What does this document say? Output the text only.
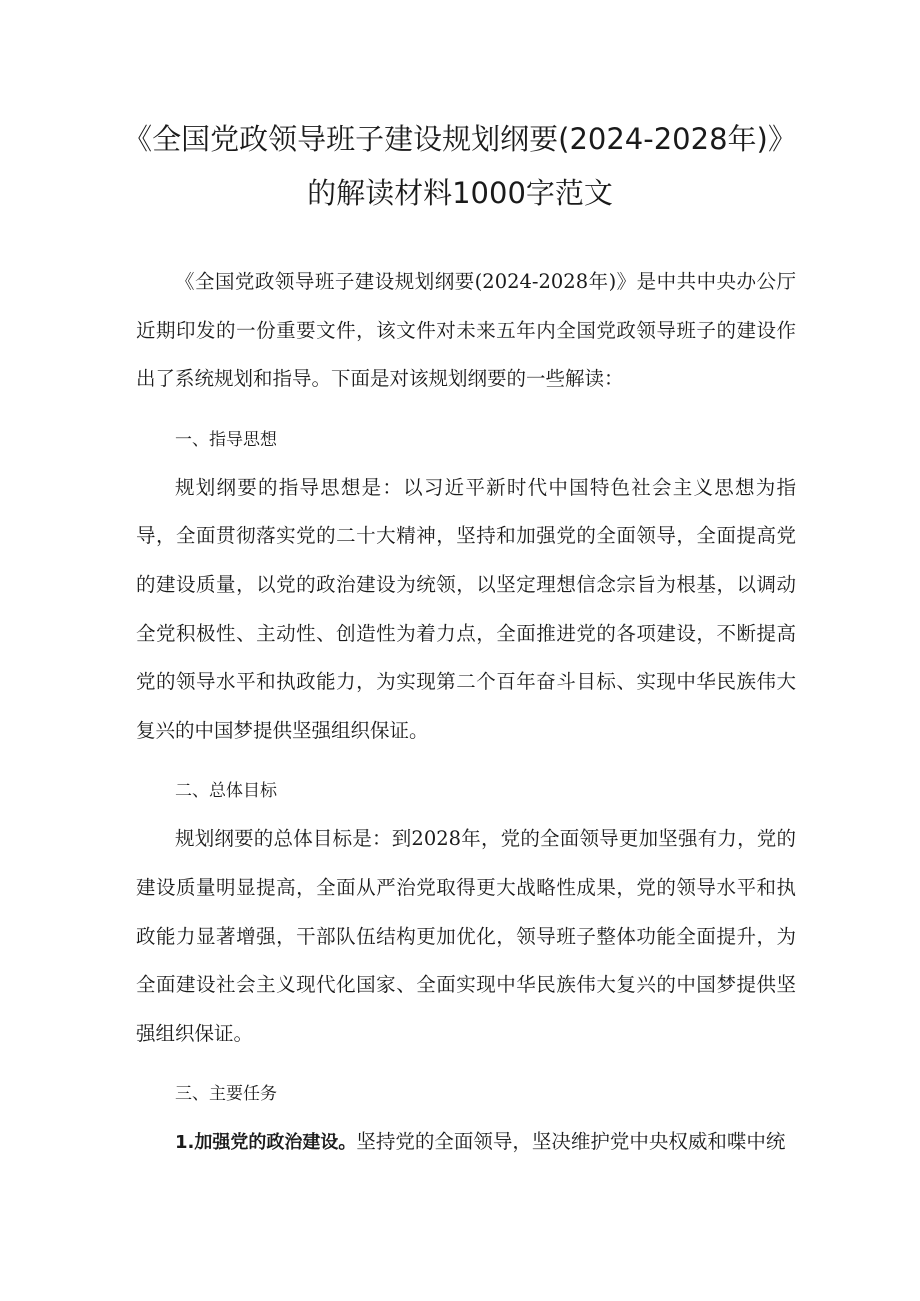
《全国党政领导班子建设规划纲要(2024-2028年)》
的解读材料1000字范文

《全国党政领导班子建设规划纲要(2024-2028年)》是中共中央办公厅近期印发的一份重要文件，该文件对未来五年内全国党政领导班子的建设作出了系统规划和指导。下面是对该规划纲要的一些解读：

一、指导思想

规划纲要的指导思想是：以习近平新时代中国特色社会主义思想为指导，全面贯彻落实党的二十大精神，坚持和加强党的全面领导，全面提高党的建设质量，以党的政治建设为统领，以坚定理想信念宗旨为根基，以调动全党积极性、主动性、创造性为着力点，全面推进党的各项建设，不断提高党的领导水平和执政能力，为实现第二个百年奋斗目标、实现中华民族伟大复兴的中国梦提供坚强组织保证。

二、总体目标

规划纲要的总体目标是：到2028年，党的全面领导更加坚强有力，党的建设质量明显提高，全面从严治党取得更大战略性成果，党的领导水平和执政能力显著增强，干部队伍结构更加优化，领导班子整体功能全面提升，为全面建设社会主义现代化国家、全面实现中华民族伟大复兴的中国梦提供坚强组织保证。

三、主要任务

1.加强党的政治建设。坚持党的全面领导，坚决维护党中央权威和喋中统
